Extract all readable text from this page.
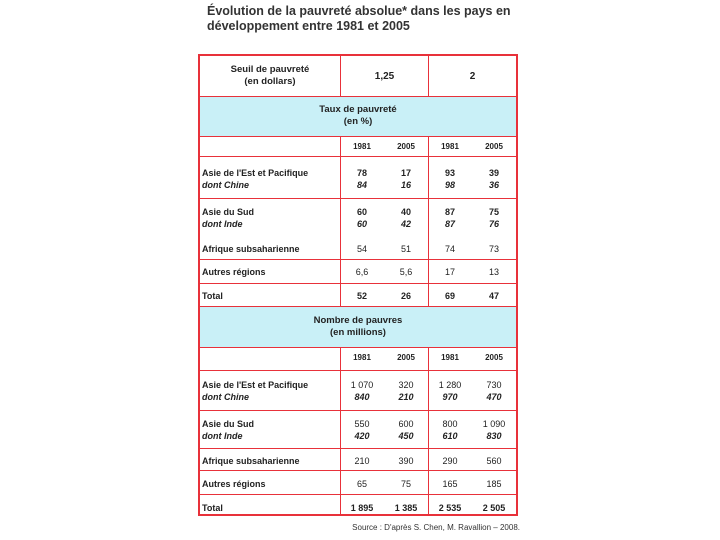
Évolution de la pauvreté absolue* dans les pays en
développement entre 1981 et 2005
Seuil de pauvreté
(en dollars)	1,25	2
Taux de pauvreté
(en %)
1981	2005	1981	2005
Asie de l'Est et Pacifique	78	17	93	39
dont Chine	84	16	98	36
Asie du Sud	60	40	87	75
dont Inde	60	42	87	76
Afrique subsaharienne	54	51	74	73
Autres régions	6,6	5,6	17	13
Total	52	26	69	47
Nombre de pauvres
(en millions)
1981	2005	1981	2005
Asie de l'Est et Pacifique	1 070	320	1 280	730
dont Chine	840	210	970	470
Asie du Sud	550	600	800	1 090
dont Inde	420	450	610	830
Afrique subsaharienne	210	390	290	560
Autres régions	65	75	165	185
Total	1 895	1 385	2 535	2 505
Source : D'après S. Chen, M. Ravallion – 2008.
